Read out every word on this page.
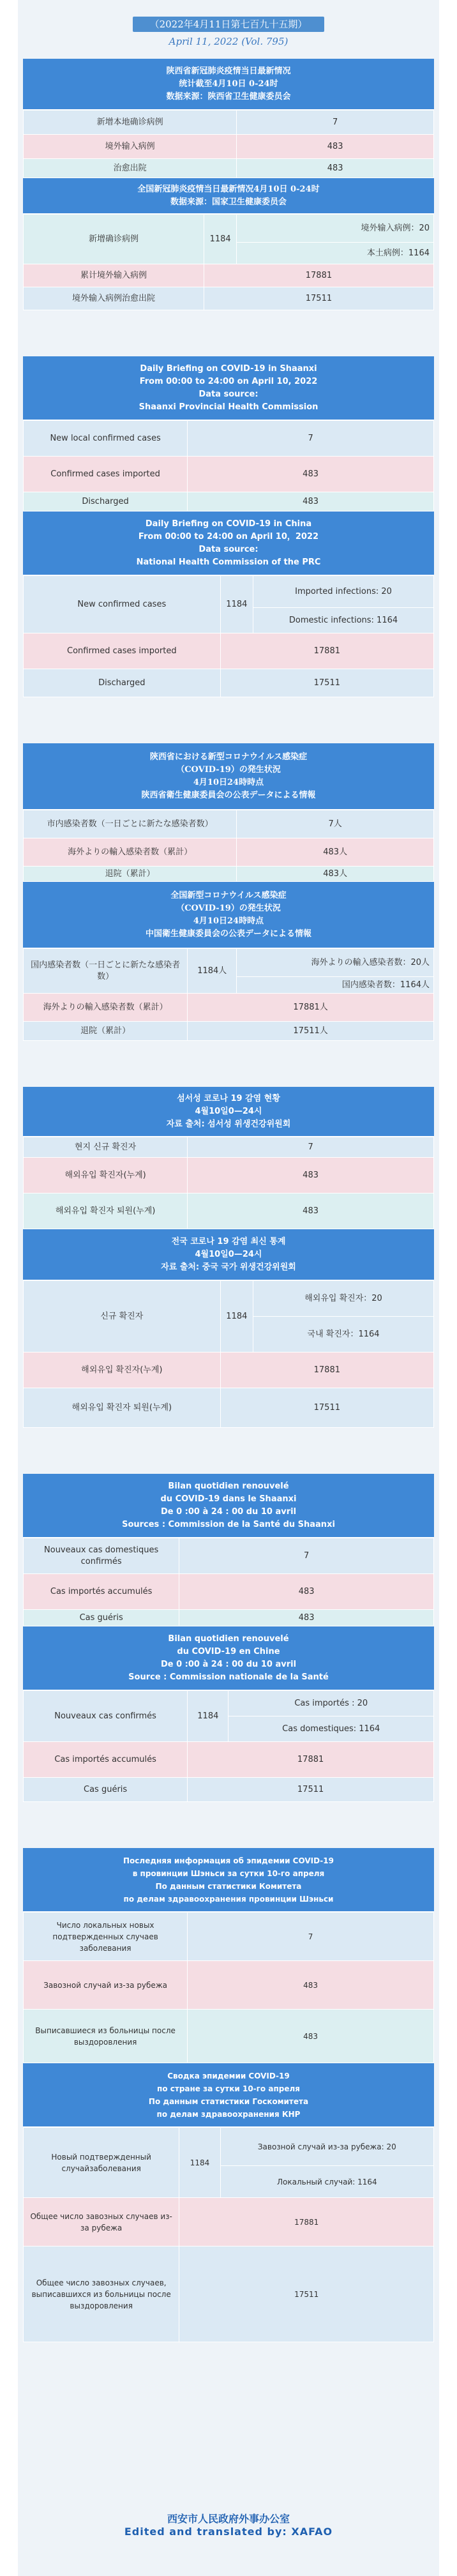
（2022年4月11日第七百九十五期）
April 11, 2022 (Vol. 795)
陕西省新冠肺炎疫情当日最新情况
统计截至4月10日 0-24时
数据来源：陕西省卫生健康委员会
新增本地确诊病例	7
境外输入病例	483
治愈出院	483
全国新冠肺炎疫情当日最新情况4月10日 0-24时
数据来源：国家卫生健康委员会
新增确诊病例	1184	境外输入病例：20
		本土病例：1164
累计境外输入病例	17881	
境外输入病例治愈出院	17511	
Daily Briefing on COVID-19 in Shaanxi
From 00:00 to 24:00 on April 10, 2022
Data source:
Shaanxi Provincial Health Commission
New local confirmed cases	7
Confirmed cases imported	483
Discharged	483
Daily Briefing on COVID-19 in China
From 00:00 to 24:00 on April 10，2022
Data source:
National Health Commission of the PRC
New confirmed cases	1184	Imported infections: 20
		Domestic infections: 1164
Confirmed cases imported	17881	
Discharged	17511	
陝西省における新型コロナウイルス感染症
（COVID-19）の発生状況
4月10日24時時点
陝西省衛生健康委員会の公表データによる情報
市内感染者数（一日ごとに新たな感染者数）	7人
海外よりの輸入感染者数（累計）	483人
退院（累計）	483人
全国新型コロナウイルス感染症
（COVID-19）の発生状況
4月10日24時時点
中国衛生健康委員会の公表データによる情報
国内感染者数（一日ごとに新たな感染者数）	1184人	海外よりの輸入感染者数：20人
		国内感染者数：1164人
海外よりの輸入感染者数（累計）	17881人	
退院（累計）	17511人	
섬서성 코로나 19 감염 현황
4월10일0—24시
자료 출처: 섬서성 위생건강위원회
현지 신규 확진자	7
해외유입 확진자(누계)	483
해외유입 확진자 퇴원(누계)	483
전국 코로나 19 감염 최신 통계
4월10일0—24시
자료 출처: 중국 국가 위생건강위원회
신규 확진자	1184	해외유입 확진자：20
		국내 확진자：1164
해외유입 확진자(누계)	17881	
해외유입 확진자 퇴원(누계)	17511	
Bilan quotidien renouvelé
du COVID-19 dans le Shaanxi
De 0 :00 à 24 : 00 du 10 avril
Sources : Commission de la Santé du Shaanxi
Nouveaux cas domestiques confirmés	7
Cas importés accumulés	483
Cas guéris	483
Bilan quotidien renouvelé
du COVID-19 en Chine
De 0 :00 à 24 : 00 du 10 avril
Source : Commission nationale de la Santé
Nouveaux cas confirmés	1184	Cas importés : 20
		Cas domestiques: 1164
Cas importés accumulés	17881	
Cas guéris	17511	
Последняя информация об эпидемии COVID-19
в провинции Шэньси за сутки 10-го апреля
По данным статистики Комитета
по делам здравоохранения провинции Шэньси
Число локальных новых подтвержденных случаев заболевания	7
Завозной случай из-за рубежа	483
Выписавшиеся из больницы после выздоровления	483
Сводка эпидемии COVID-19
по стране за сутки 10-го апреля
По данным статистики Госкомитета
по делам здравоохранения КНР
Новый подтвержденный случайзаболевания	1184	Завозной случай из-за рубежа: 20
		Локальный случай: 1164
Общее число завозных случаев из-за рубежа	17881	
Общее число завозных случаев, выписавшихся из больницы после выздоровления	17511	
西安市人民政府外事办公室
Edited and translated by: XAFAO
